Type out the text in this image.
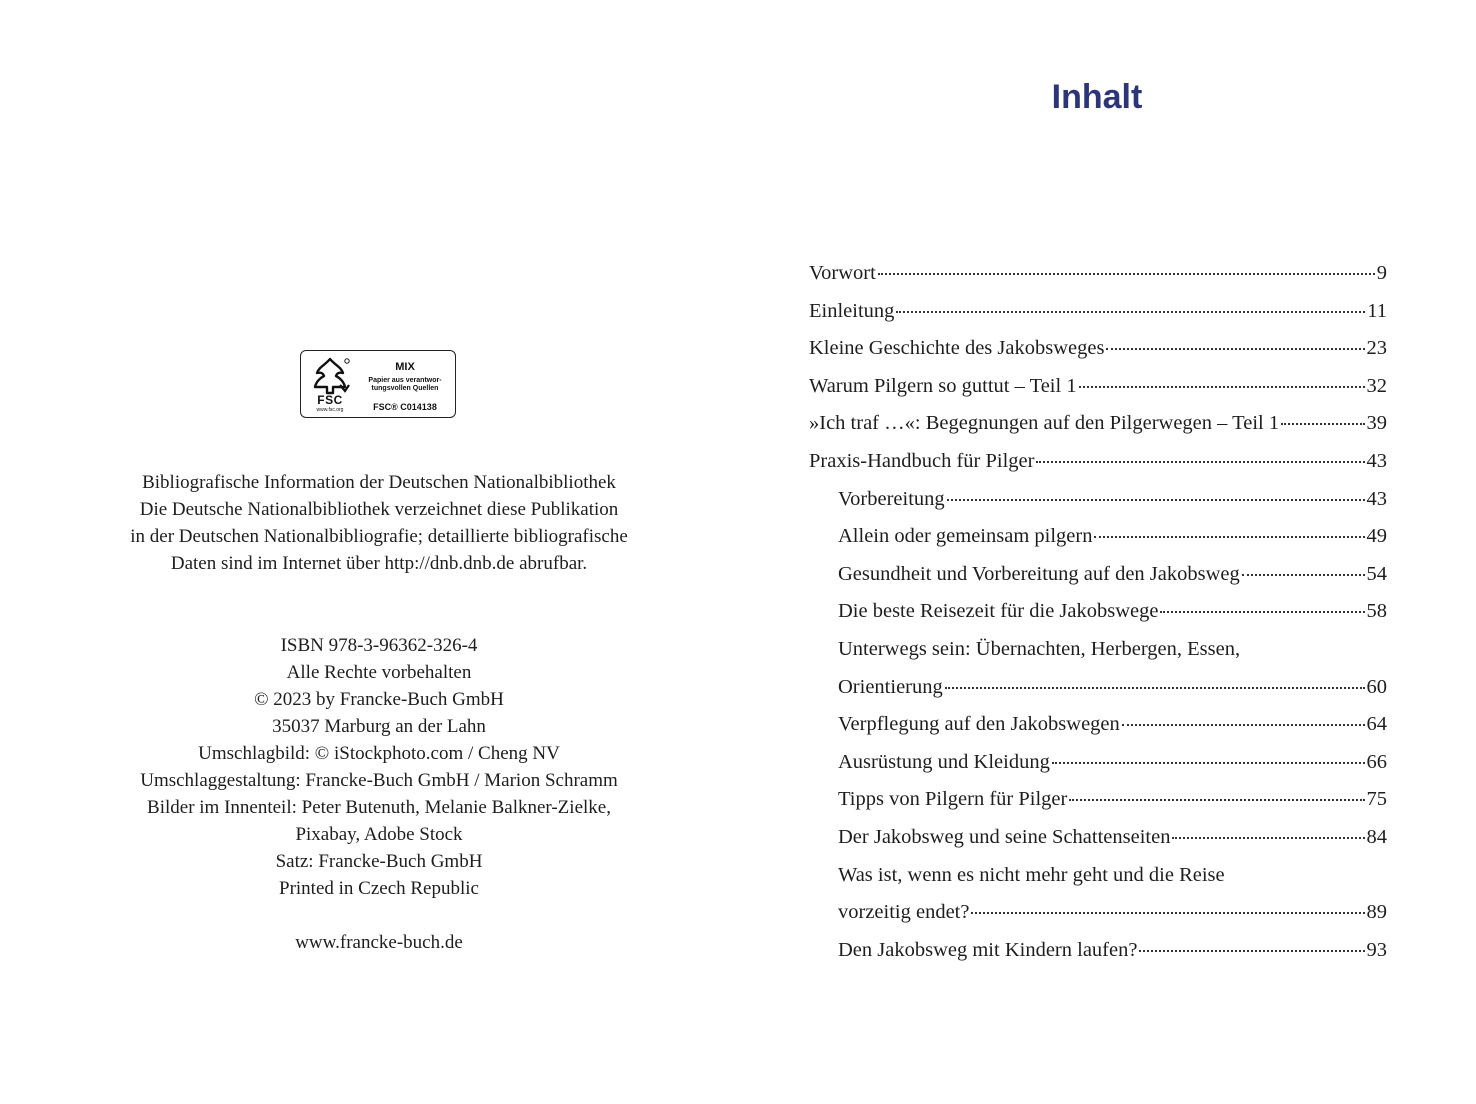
FSC
www.fsc.org
MIX
Papier aus verantwor-
tungsvollen Quellen
FSC® C014138
Bibliografische Information der Deutschen Nationalbibliothek
Die Deutsche Nationalbibliothek verzeichnet diese Publikation
in der Deutschen Nationalbibliografie; detaillierte bibliografische
Daten sind im Internet über http://dnb.dnb.de abrufbar.
ISBN 978-3-96362-326-4
Alle Rechte vorbehalten
© 2023 by Francke-Buch GmbH
35037 Marburg an der Lahn
Umschlagbild: © iStockphoto.com / Cheng NV
Umschlaggestaltung: Francke-Buch GmbH / Marion Schramm
Bilder im Innenteil: Peter Butenuth, Melanie Balkner-Zielke,
Pixabay, Adobe Stock
Satz: Francke-Buch GmbH
Printed in Czech Republic
www.francke-buch.de
Inhalt
Vorwort	9
Einleitung	11
Kleine Geschichte des Jakobsweges	23
Warum Pilgern so guttut – Teil 1	32
»Ich traf …«: Begegnungen auf den Pilgerwegen – Teil 1	39
Praxis-Handbuch für Pilger	43
Vorbereitung	43
Allein oder gemeinsam pilgern	49
Gesundheit und Vorbereitung auf den Jakobsweg	54
Die beste Reisezeit für die Jakobswege	58
Unterwegs sein: Übernachten, Herbergen, Essen,
Orientierung	60
Verpflegung auf den Jakobswegen	64
Ausrüstung und Kleidung	66
Tipps von Pilgern für Pilger	75
Der Jakobsweg und seine Schattenseiten	84
Was ist, wenn es nicht mehr geht und die Reise
vorzeitig endet?	89
Den Jakobsweg mit Kindern laufen?	93
